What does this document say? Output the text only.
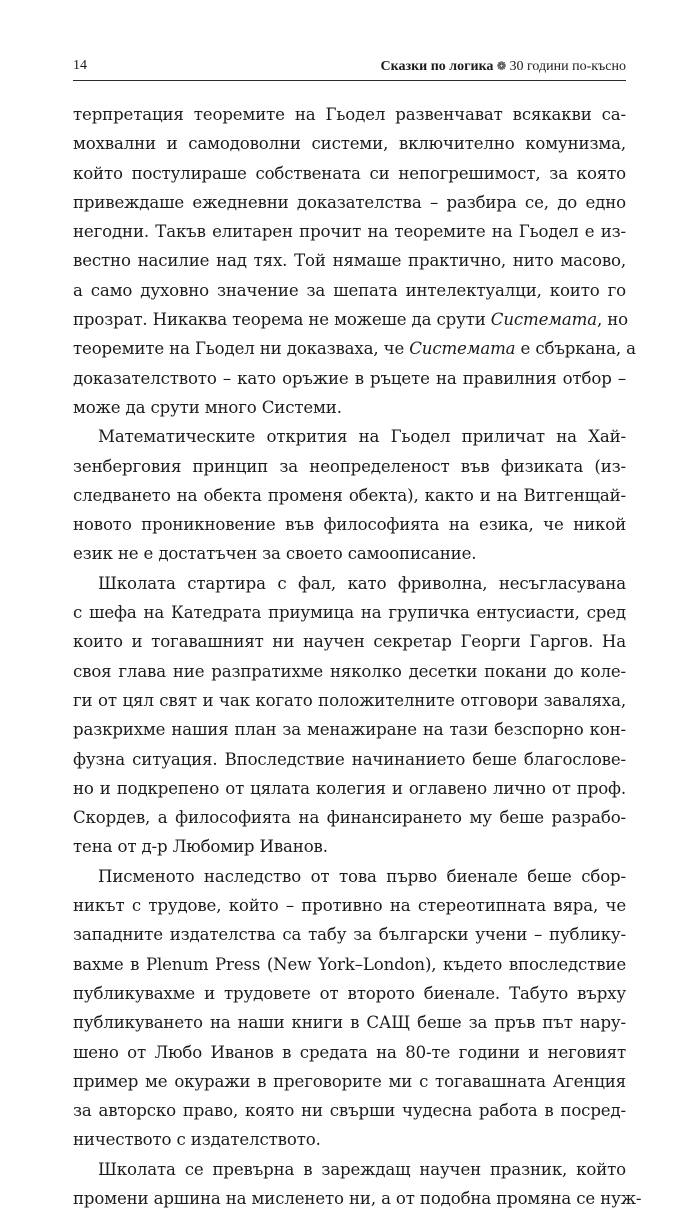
14	Сказки по логика ❁ 30 години по-късно
терпретация теоремите на Гьодел развенчават всякакви са-
мохвални и самодоволни системи, включително комунизма,
който постулираше собствената си непогрешимост, за която
привеждаше ежедневни доказателства – разбира се, до едно
негодни. Такъв елитарен прочит на теоремите на Гьодел е из-
вестно насилие над тях. Той нямаше практично, нито масово,
а само духовно значение за шепата интелектуалци, които го
прозрат. Никаква теорема не можеше да срути Системата, но
теоремите на Гьодел ни доказваха, че Системата е сбъркана, а
доказателството – като оръжие в ръцете на правилния отбор –
може да срути много Системи.
Математическите открития на Гьодел приличат на Хай-
зенберговия принцип за неопределеност във физиката (из-
следването на обекта променя обекта), както и на Витгенщай-
новото проникновение във философията на езика, че никой
език не е достатъчен за своето самоописание.
Школата стартира с фал, като фриволна, несъгласувана
с шефа на Катедрата приумица на групичка ентусиасти, сред
които и тогавашният ни научен секретар Георги Гаргов. На
своя глава ние разпратихме няколко десетки покани до коле-
ги от цял свят и чак когато положителните отговори заваляха,
разкрихме нашия план за менажиране на тази безспорно кон-
фузна ситуация. Впоследствие начинанието беше благослове-
но и подкрепено от цялата колегия и оглавено лично от проф.
Скордев, а философията на финансирането му беше разрабо-
тена от д-р Любомир Иванов.
Писменото наследство от това първо биенале беше сбор-
никът с трудове, който – противно на стереотипната вяра, че
западните издателства са табу за български учени – публику-
вахме в Plenum Press (New York–London), където впоследствие
публикувахме и трудовете от второто биенале. Табуто върху
публикуването на наши книги в САЩ беше за пръв път нару-
шено от Любо Иванов в средата на 80-те години и неговият
пример ме окуражи в преговорите ми с тогавашната Агенция
за авторско право, която ни свърши чудесна работа в посред-
ничеството с издателството.
Школата се превърна в зареждащ научен празник, който
промени аршина на мисленето ни, а от подобна промяна се нуж-
